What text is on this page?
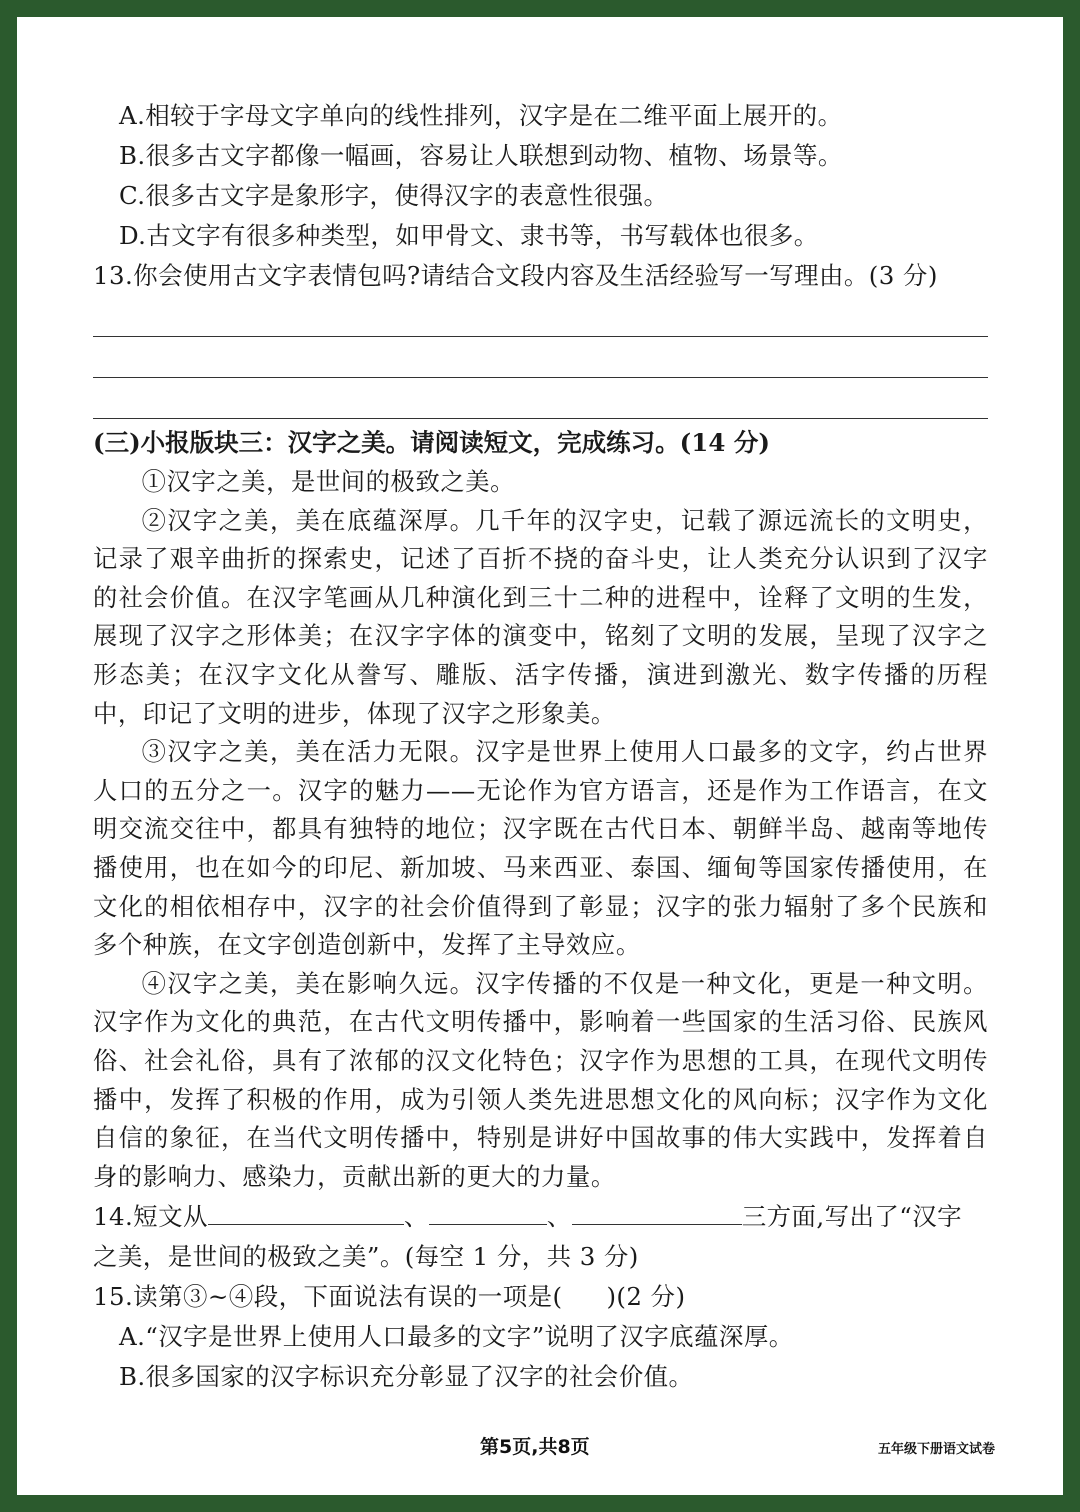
A.相较于字母文字单向的线性排列，汉字是在二维平面上展开的。
B.很多古文字都像一幅画，容易让人联想到动物、植物、场景等。
C.很多古文字是象形字，使得汉字的表意性很强。
D.古文字有很多种类型，如甲骨文、隶书等，书写载体也很多。
13.你会使用古文字表情包吗?请结合文段内容及生活经验写一写理由。(3 分)
(三)小报版块三：汉字之美。请阅读短文，完成练习。(14 分)

①汉字之美，是世间的极致之美。

②汉字之美，美在底蕴深厚。几千年的汉字史，记载了源远流长的文明史，记录了艰辛曲折的探索史，记述了百折不挠的奋斗史，让人类充分认识到了汉字的社会价值。在汉字笔画从几种演化到三十二种的进程中，诠释了文明的生发，展现了汉字之形体美；在汉字字体的演变中，铭刻了文明的发展，呈现了汉字之形态美；在汉字文化从誊写、雕版、活字传播，演进到激光、数字传播的历程中，印记了文明的进步，体现了汉字之形象美。

③汉字之美，美在活力无限。汉字是世界上使用人口最多的文字，约占世界人口的五分之一。汉字的魅力——无论作为官方语言，还是作为工作语言，在文明交流交往中，都具有独特的地位；汉字既在古代日本、朝鲜半岛、越南等地传播使用，也在如今的印尼、新加坡、马来西亚、泰国、缅甸等国家传播使用，在文化的相依相存中，汉字的社会价值得到了彰显；汉字的张力辐射了多个民族和多个种族，在文字创造创新中，发挥了主导效应。

④汉字之美，美在影响久远。汉字传播的不仅是一种文化，更是一种文明。汉字作为文化的典范，在古代文明传播中，影响着一些国家的生活习俗、民族风俗、社会礼俗，具有了浓郁的汉文化特色；汉字作为思想的工具，在现代文明传播中，发挥了积极的作用，成为引领人类先进思想文化的风向标；汉字作为文化自信的象征，在当代文明传播中，特别是讲好中国故事的伟大实践中，发挥着自身的影响力、感染力，贡献出新的更大的力量。

14.短文从	、	、	三方面,写出了“汉字
之美，是世间的极致之美”。(每空 1 分，共 3 分)
15.读第③~④段，下面说法有误的一项是( )(2 分)
A.“汉字是世界上使用人口最多的文字”说明了汉字底蕴深厚。
B.很多国家的汉字标识充分彰显了汉字的社会价值。
第5页,共8页	五年级下册语文试卷
